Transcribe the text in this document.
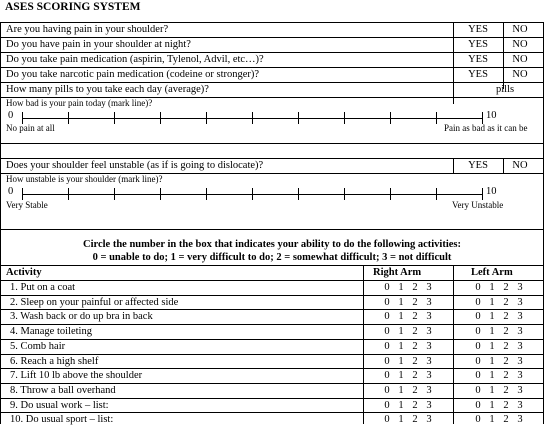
ASES SCORING SYSTEM
Are you having pain in your shoulder?	YES	NO
Do you have pain in your shoulder at night?	YES	NO
Do you take pain medication (aspirin, Tylenol, Advil, etc…)?	YES	NO
Do you take narcotic pain medication (codeine or stronger)?	YES	NO
How many pills to you take each day (average)?	pills
How bad is your pain today (mark line)?
0	10
No pain at all	Pain as bad as it can be
Does your shoulder feel unstable (as if is going to dislocate)?	YES	NO
How unstable is your shoulder (mark line)?
0	10
Very Stable	Very Unstable
Circle the number in the box that indicates your ability to do the following activities:
0 = unable to do; 1 = very difficult to do; 2 = somewhat difficult; 3 = not difficult
Activity	Right Arm	Left Arm
1. Put on a coat	0 1 2 3	0 1 2 3
2. Sleep on your painful or affected side	0 1 2 3	0 1 2 3
3. Wash back or do up bra in back	0 1 2 3	0 1 2 3
4. Manage toileting	0 1 2 3	0 1 2 3
5. Comb hair	0 1 2 3	0 1 2 3
6. Reach a high shelf	0 1 2 3	0 1 2 3
7. Lift 10 lb above the shoulder	0 1 2 3	0 1 2 3
8. Throw a ball overhand	0 1 2 3	0 1 2 3
9. Do usual work – list:	0 1 2 3	0 1 2 3
10. Do usual sport – list:	0 1 2 3	0 1 2 3
